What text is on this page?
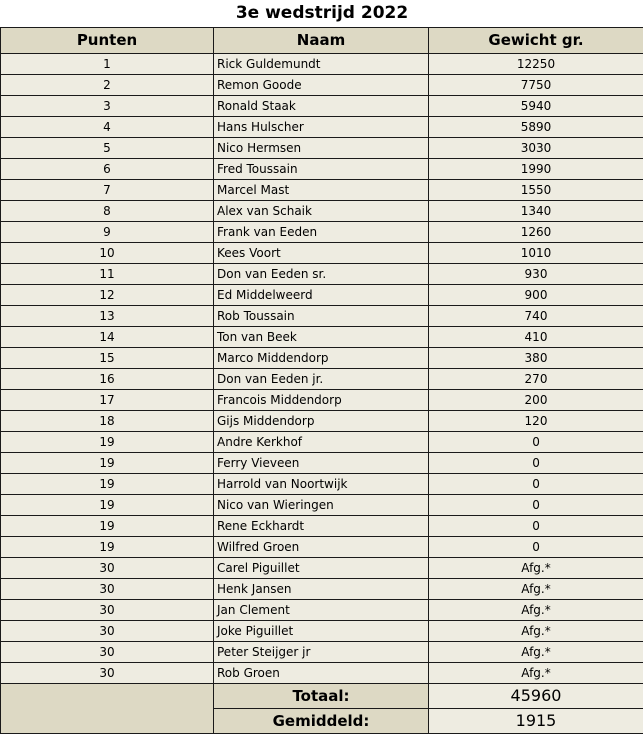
3e wedstrijd 2022		
Punten	Naam	Gewicht gr.
1	Rick Guldemundt	12250
2	Remon Goode	7750
3	Ronald Staak	5940
4	Hans Hulscher	5890
5	Nico Hermsen	3030
6	Fred Toussain	1990
7	Marcel Mast	1550
8	Alex van Schaik	1340
9	Frank van Eeden	1260
10	Kees Voort	1010
11	Don van Eeden sr.	930
12	Ed Middelweerd	900
13	Rob Toussain	740
14	Ton van Beek	410
15	Marco Middendorp	380
16	Don van Eeden jr.	270
17	Francois Middendorp	200
18	Gijs Middendorp	120
19	Andre Kerkhof	0
19	Ferry Vieveen	0
19	Harrold van Noortwijk	0
19	Nico van Wieringen	0
19	Rene Eckhardt	0
19	Wilfred Groen	0
30	Carel Piguillet	Afg.*
30	Henk Jansen	Afg.*
30	Jan Clement	Afg.*
30	Joke Piguillet	Afg.*
30	Peter Steijger jr	Afg.*
30	Rob Groen	Afg.*
	Totaal:	45960
	Gemiddeld:	1915
